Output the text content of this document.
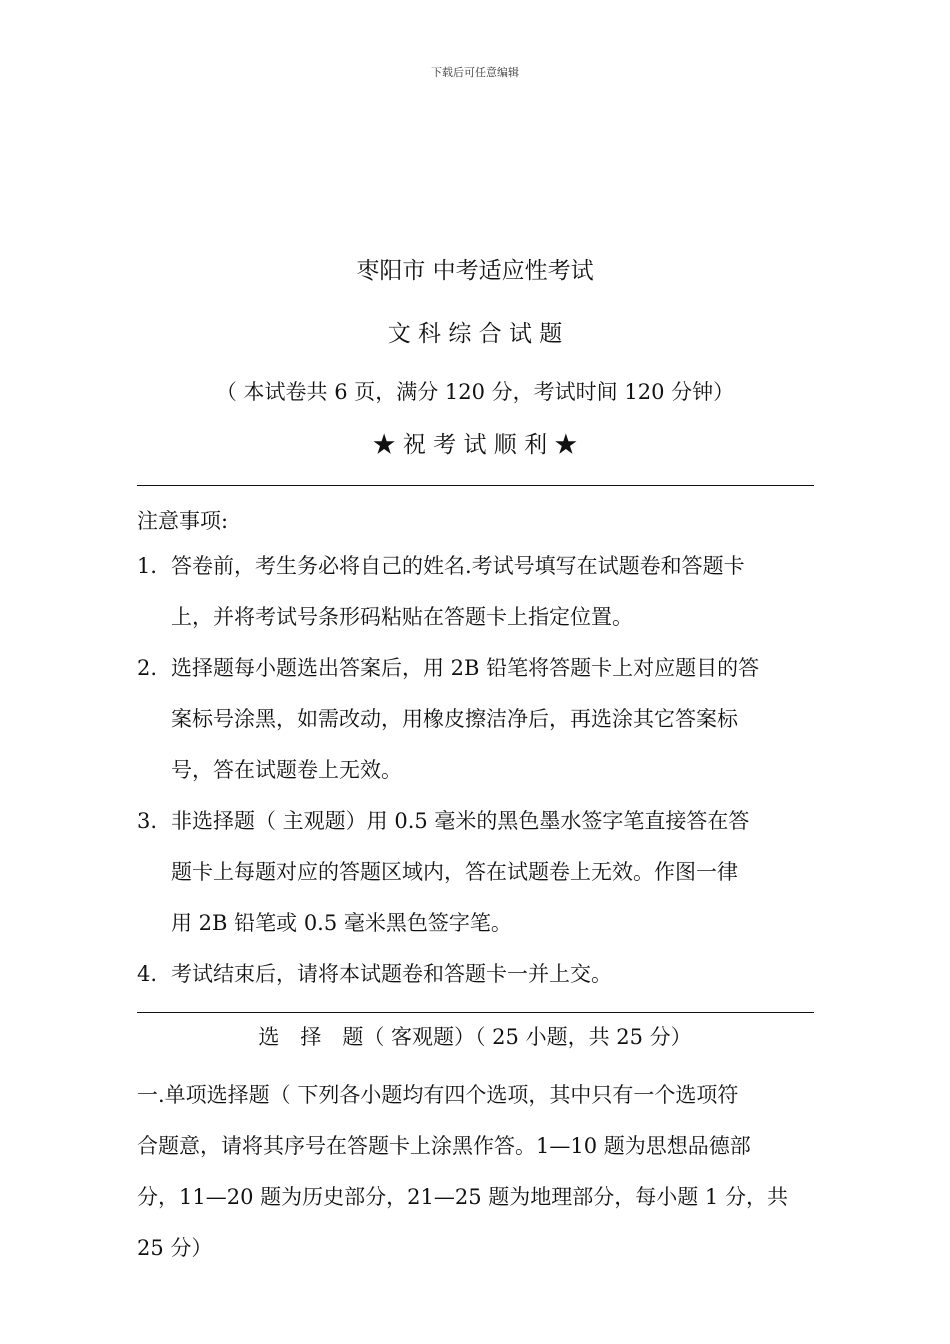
下载后可任意编辑
枣阳市 中考适应性考试
文 科 综 合 试 题
（ 本试卷共 6 页，满分 120 分，考试时间 120 分钟）
★ 祝 考 试 顺 利 ★
注意事项:
1． 答卷前，考生务必将自己的姓名.考试号填写在试题卷和答题卡
上，并将考试号条形码粘贴在答题卡上指定位置。
2. 选择题每小题选出答案后，用 2B 铅笔将答题卡上对应题目的答
案标号涂黑，如需改动，用橡皮擦洁净后，再选涂其它答案标
号，答在试题卷上无效。
3. 非选择题（ 主观题）用 0.5 毫米的黑色墨水签字笔直接答在答
题卡上每题对应的答题区域内，答在试题卷上无效。作图一律
用 2B 铅笔或 0.5 毫米黑色签字笔。
4. 考试结束后，请将本试题卷和答题卡一并上交。
选　择　题（ 客观题）（ 25 小题，共 25 分）
一.单项选择题（ 下列各小题均有四个选项，其中只有一个选项符
合题意，请将其序号在答题卡上涂黑作答。1—10 题为思想品德部
分，11—20 题为历史部分，21—25 题为地理部分，每小题 1 分，共
25 分）
